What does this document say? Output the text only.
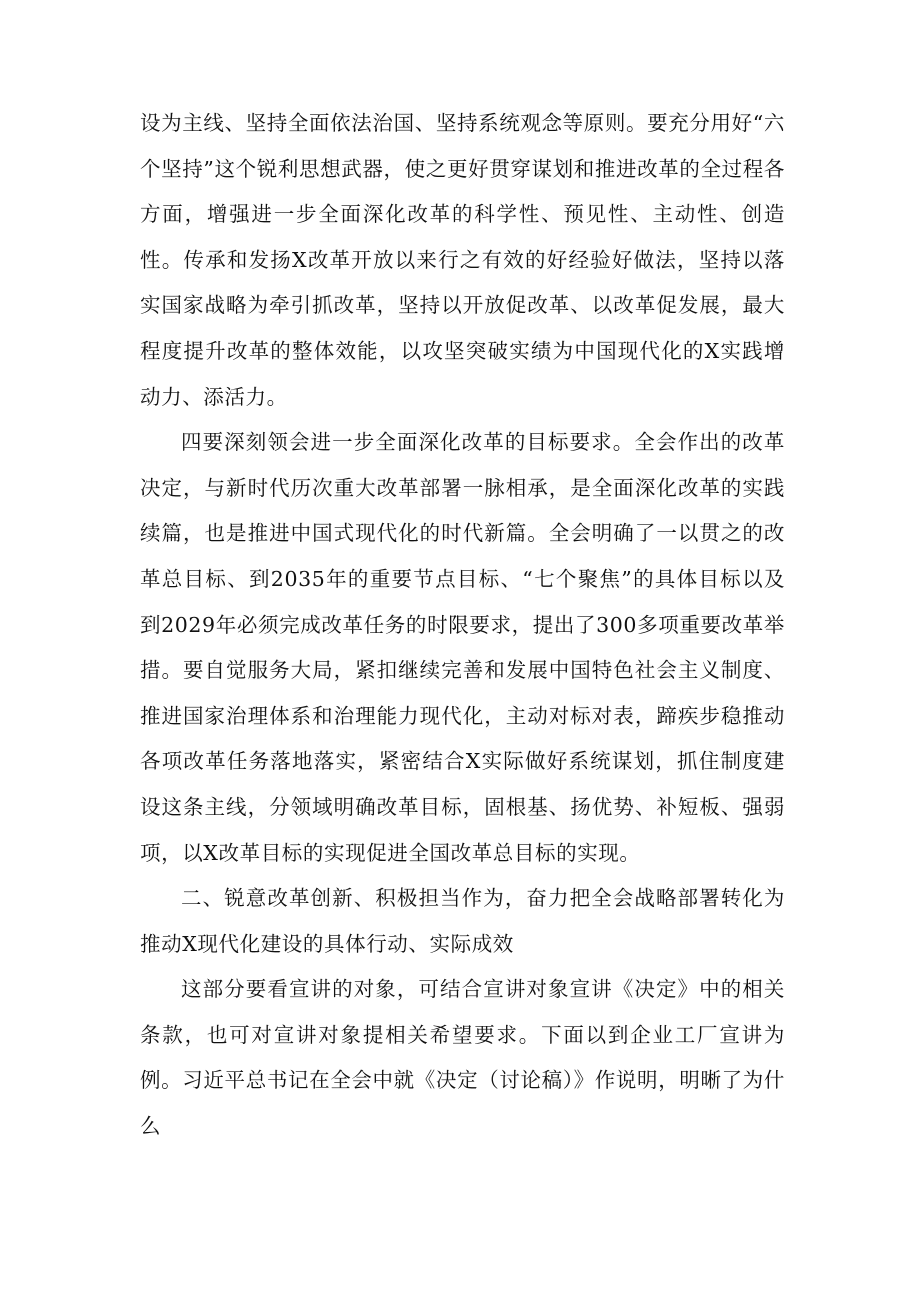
设为主线、坚持全面依法治国、坚持系统观念等原则。要充分用好“六个坚持”这个锐利思想武器，使之更好贯穿谋划和推进改革的全过程各方面，增强进一步全面深化改革的科学性、预见性、主动性、创造性。传承和发扬X改革开放以来行之有效的好经验好做法，坚持以落实国家战略为牵引抓改革，坚持以开放促改革、以改革促发展，最大程度提升改革的整体效能，以攻坚突破实绩为中国现代化的X实践增动力、添活力。

四要深刻领会进一步全面深化改革的目标要求。全会作出的改革决定，与新时代历次重大改革部署一脉相承，是全面深化改革的实践续篇，也是推进中国式现代化的时代新篇。全会明确了一以贯之的改革总目标、到2035年的重要节点目标、“七个聚焦”的具体目标以及到2029年必须完成改革任务的时限要求，提出了300多项重要改革举措。要自觉服务大局，紧扣继续完善和发展中国特色社会主义制度、推进国家治理体系和治理能力现代化，主动对标对表，蹄疾步稳推动各项改革任务落地落实，紧密结合X实际做好系统谋划，抓住制度建设这条主线，分领域明确改革目标，固根基、扬优势、补短板、强弱项，以X改革目标的实现促进全国改革总目标的实现。

二、锐意改革创新、积极担当作为，奋力把全会战略部署转化为推动X现代化建设的具体行动、实际成效

这部分要看宣讲的对象，可结合宣讲对象宣讲《决定》中的相关条款，也可对宣讲对象提相关希望要求。下面以到企业工厂宣讲为例。习近平总书记在全会中就《决定（讨论稿）》作说明，明晰了为什么
